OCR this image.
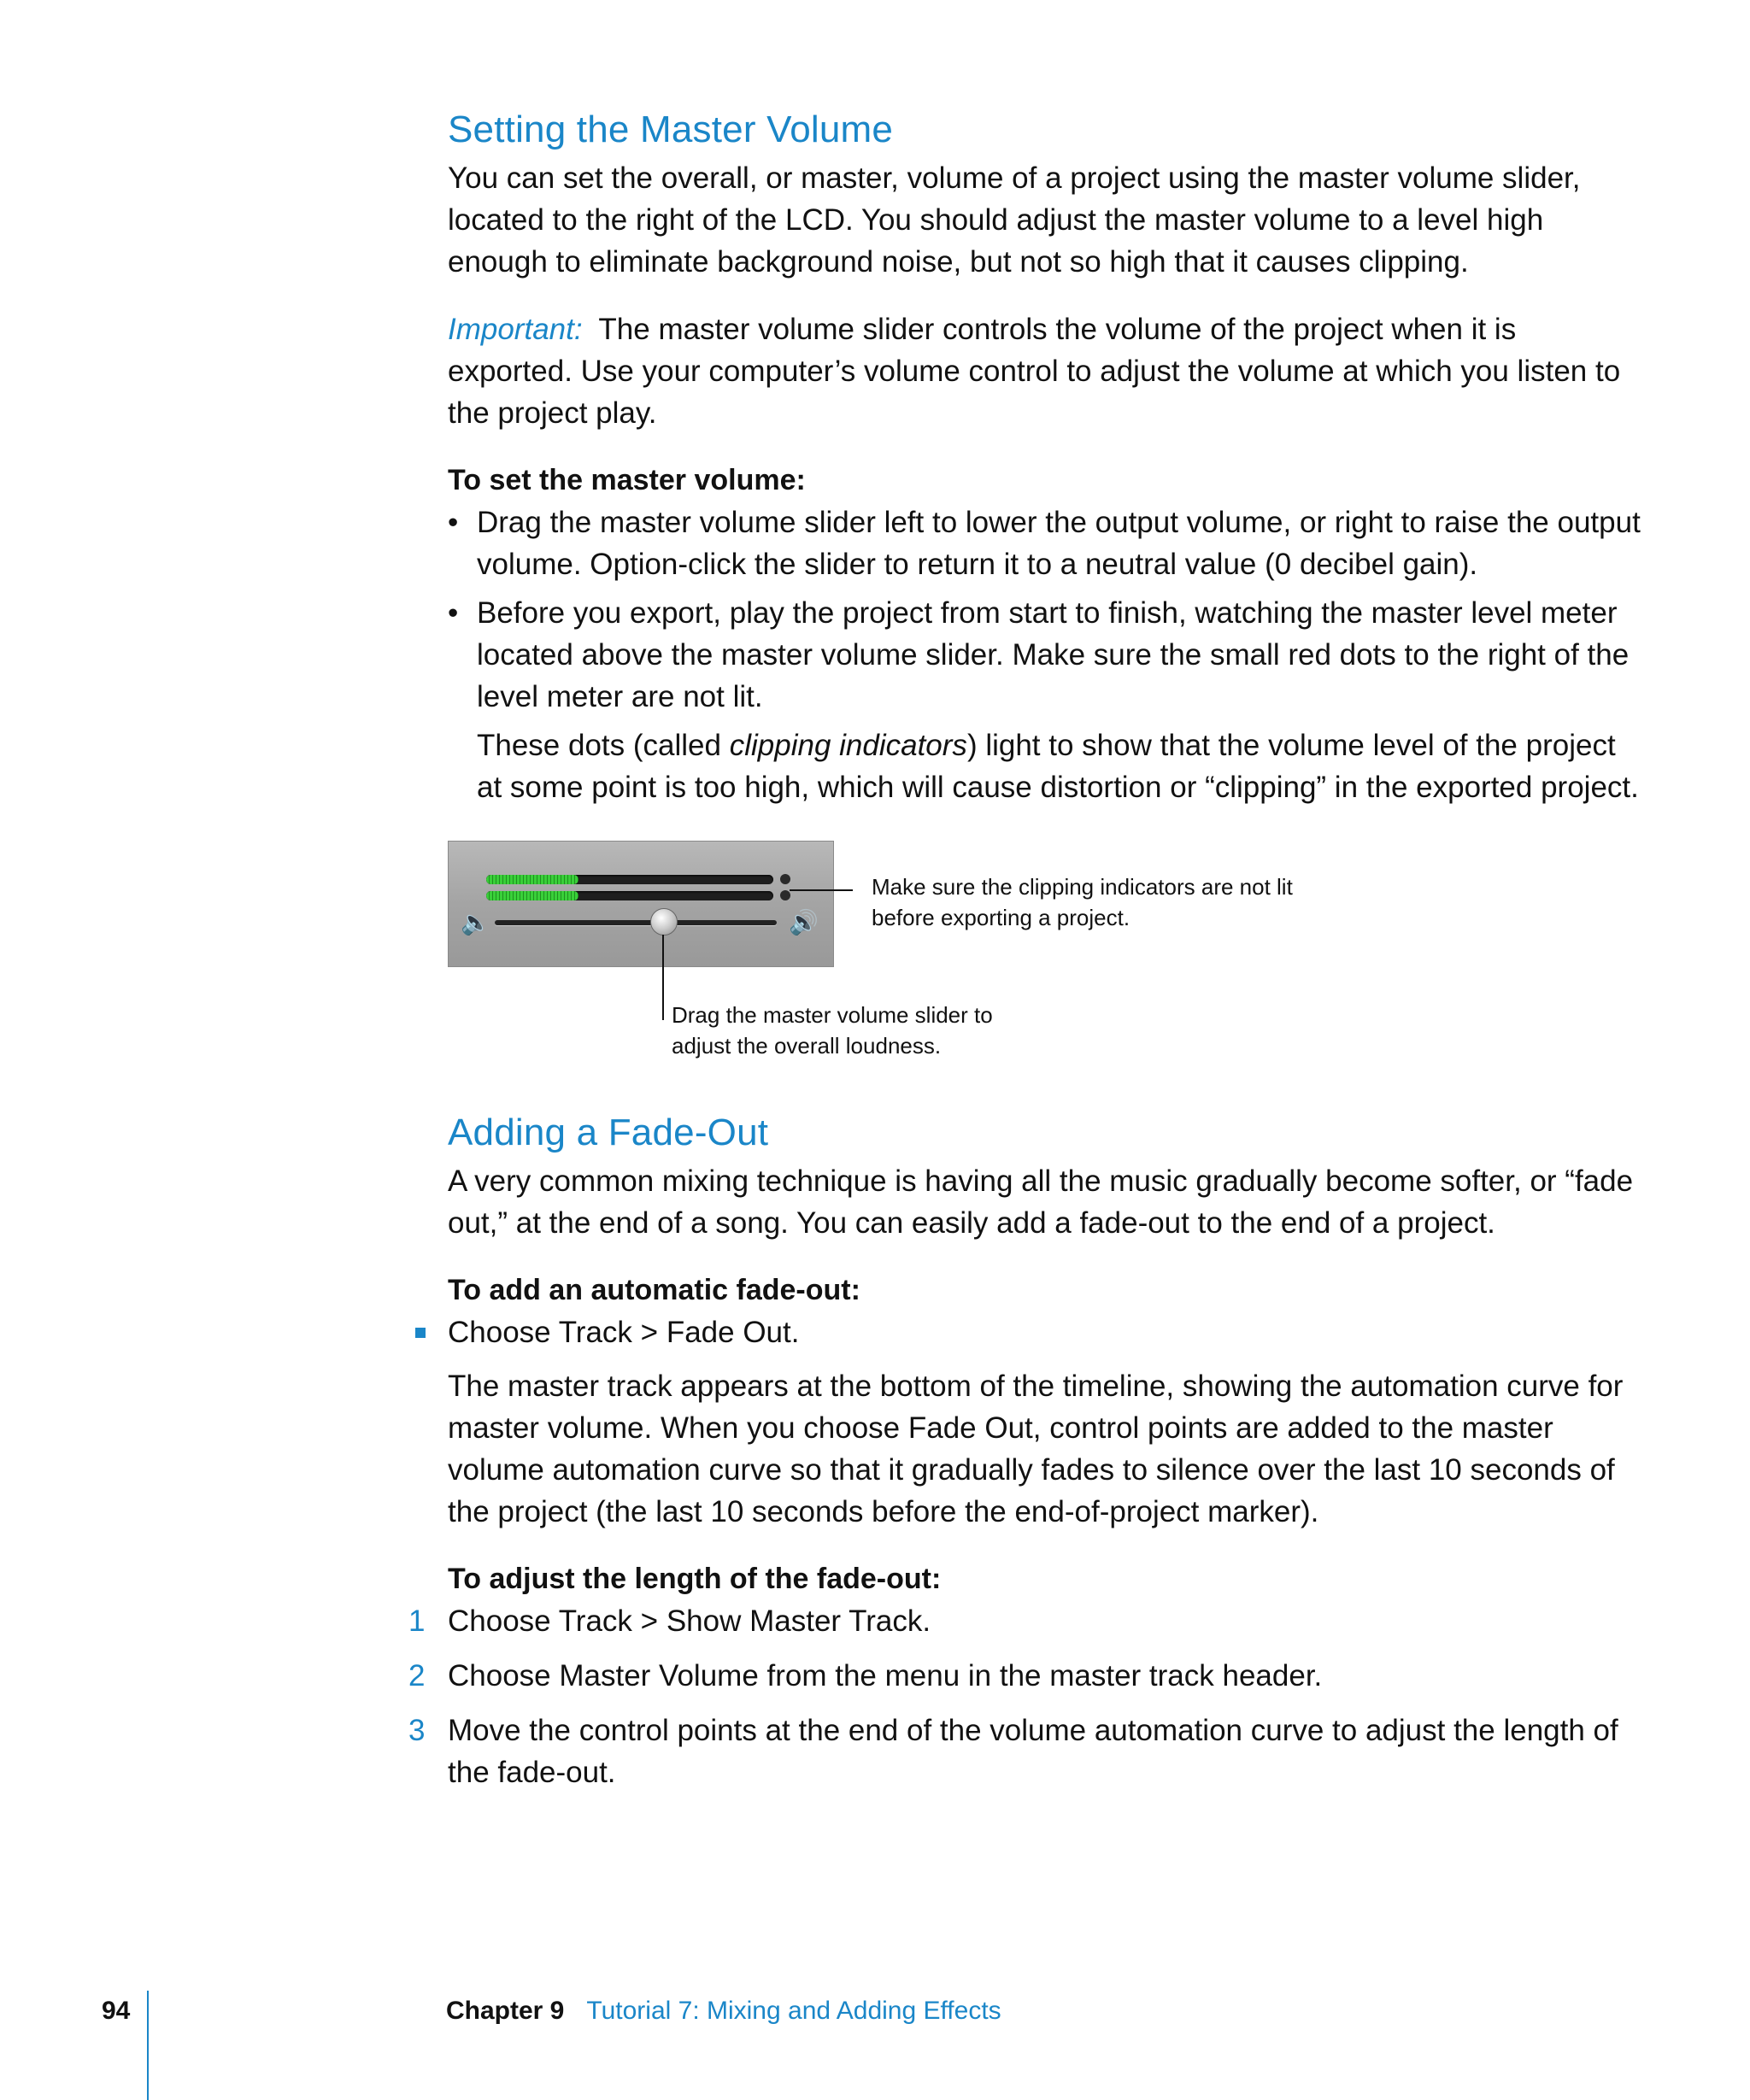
Setting the Master Volume

You can set the overall, or master, volume of a project using the master volume slider, located to the right of the LCD. You should adjust the master volume to a level high enough to eliminate background noise, but not so high that it causes clipping.

Important: The master volume slider controls the volume of the project when it is exported. Use your computer’s volume control to adjust the volume at which you listen to the project play.

To set the master volume:

• Drag the master volume slider left to lower the output volume, or right to raise the output volume. Option-click the slider to return it to a neutral value (0 decibel gain).
• Before you export, play the project from start to finish, watching the master level meter located above the master volume slider. Make sure the small red dots to the right of the level meter are not lit.

These dots (called clipping indicators) light to show that the volume level of the project at some point is too high, which will cause distortion or “clipping” in the exported project.

🔈	🔊
Make sure the clipping indicators are not lit before exporting a project.
Drag the master volume slider to adjust the overall loudness.
Adding a Fade-Out

A very common mixing technique is having all the music gradually become softer, or “fade out,” at the end of a song. You can easily add a fade-out to the end of a project.

To add an automatic fade-out:

Choose Track > Fade Out.

The master track appears at the bottom of the timeline, showing the automation curve for master volume. When you choose Fade Out, control points are added to the master volume automation curve so that it gradually fades to silence over the last 10 seconds of the project (the last 10 seconds before the end-of-project marker).

To adjust the length of the fade-out:

1 Choose Track > Show Master Track.
2 Choose Master Volume from the menu in the master track header.
3 Move the control points at the end of the volume automation curve to adjust the length of the fade-out.
94	Chapter 9 Tutorial 7: Mixing and Adding Effects
